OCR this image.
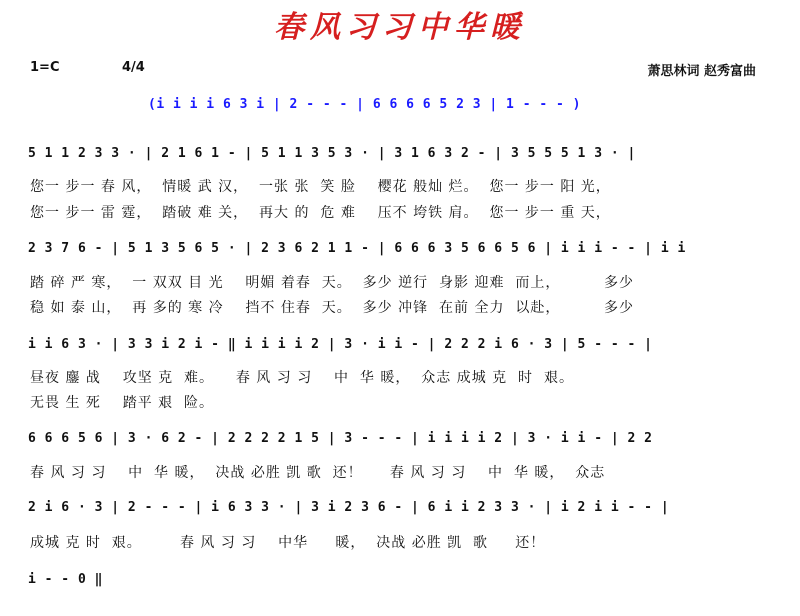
春风习习中华暖
1=C	4/4	萧思林词 赵秀富曲
(i i i i 6 3 i | 2 - - - | 6 6 6 6 5 2 3 | 1 - - - )
5 1 1 2 3 3 · | 2 1 6 1 - | 5 1 1 3 5 3 · | 3 1 6 3 2 - | 3 5 5 5 1 3 · |
您一 步一 春 风，  情暖 武 汉，  一张 张  笑 脸    樱花 般灿 烂。  您一 步一 阳 光，
您一 步一 雷 霆，  踏破 难 关，  再大 的  危 难    压不 垮铁 肩。  您一 步一 重 天，
2 3 7 6 - | 5 1 3 5 6 5 · | 2 3 6 2 1 1 - | 6 6 6 3 5 6 6 5 6 | i i i - - | i i
踏 碎 严 寒，  一 双双 目 光    明媚 着春  天。  多少 逆行  身影 迎难  而上，        多少
稳 如 泰 山，  再 多的 寒 冷    挡不 住春  天。  多少 冲锋  在前 全力  以赴，        多少
i i 6 3 · | 3 3 i 2 i - ‖ i i i i 2 | 3 · i i - | 2 2 2 i 6 · 3 | 5 - - - |
昼夜 鏖 战    攻坚 克  难。    春 风 习 习    中  华 暖，  众志 成城 克  时  艰。
无畏 生 死    踏平 艰  险。
6 6 6 5 6 | 3 · 6 2 - | 2 2 2 2 1 5 | 3 - - - | i i i i 2 | 3 · i i - | 2 2
春 风 习 习    中  华 暖，  决战 必胜 凯 歌  还！     春 风 习 习    中  华 暖，  众志
2 i 6 · 3 | 2 - - - | i 6 3 3 · | 3 i 2 3 6 - | 6 i i 2 3 3 · | i 2 i i - - |
成城 克 时  艰。       春 风 习 习    中华     暖，  决战 必胜 凯  歌     还！
i - - 0 ‖
